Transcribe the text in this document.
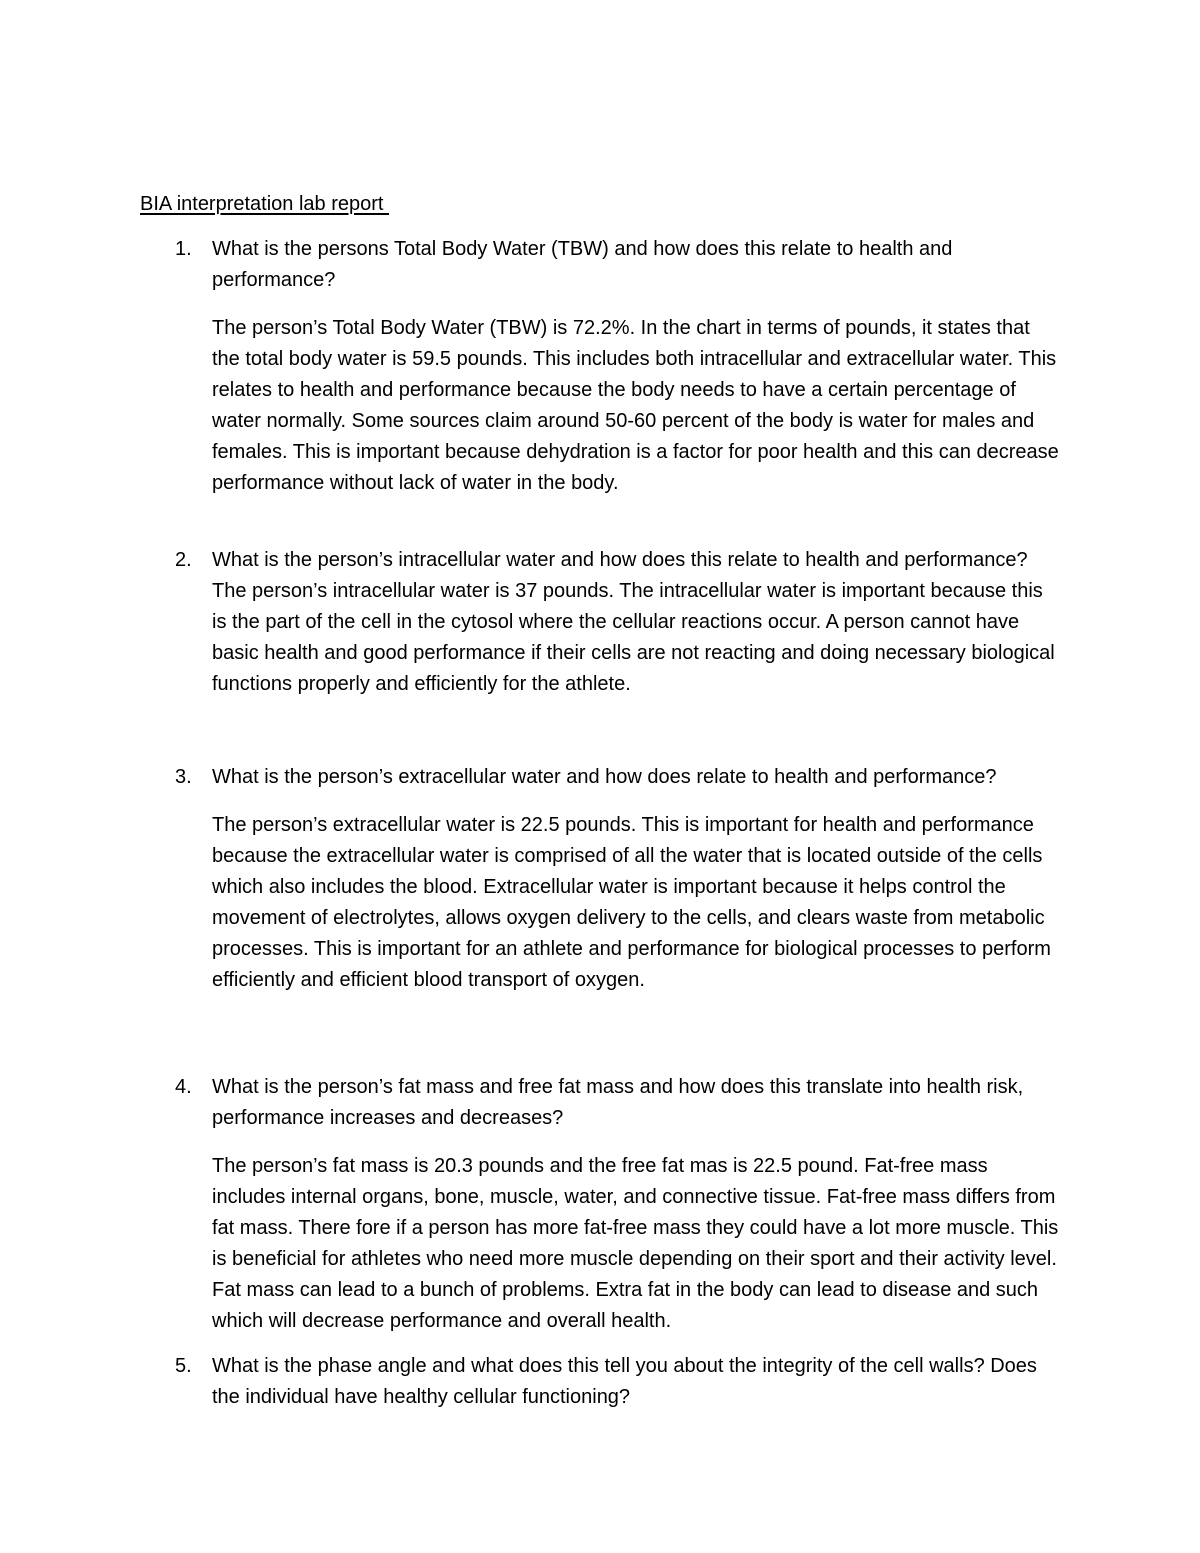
BIA interpretation lab report
1. What is the persons Total Body Water (TBW) and how does this relate to health and performance?

The person’s Total Body Water (TBW) is 72.2%. In the chart in terms of pounds, it states that the total body water is 59.5 pounds. This includes both intracellular and extracellular water. This relates to health and performance because the body needs to have a certain percentage of water normally. Some sources claim around 50-60 percent of the body is water for males and females. This is important because dehydration is a factor for poor health and this can decrease performance without lack of water in the body.

2. What is the person’s intracellular water and how does this relate to health and performance?

The person’s intracellular water is 37 pounds. The intracellular water is important because this is the part of the cell in the cytosol where the cellular reactions occur. A person cannot have basic health and good performance if their cells are not reacting and doing necessary biological functions properly and efficiently for the athlete.

3. What is the person’s extracellular water and how does relate to health and performance?

The person’s extracellular water is 22.5 pounds. This is important for health and performance because the extracellular water is comprised of all the water that is located outside of the cells which also includes the blood. Extracellular water is important because it helps control the movement of electrolytes, allows oxygen delivery to the cells, and clears waste from metabolic processes. This is important for an athlete and performance for biological processes to perform efficiently and efficient blood transport of oxygen.

4. What is the person’s fat mass and free fat mass and how does this translate into health risk, performance increases and decreases?

The person’s fat mass is 20.3 pounds and the free fat mas is 22.5 pound. Fat-free mass includes internal organs, bone, muscle, water, and connective tissue. Fat-free mass differs from fat mass. There fore if a person has more fat-free mass they could have a lot more muscle. This is beneficial for athletes who need more muscle depending on their sport and their activity level. Fat mass can lead to a bunch of problems. Extra fat in the body can lead to disease and such which will decrease performance and overall health.

5. What is the phase angle and what does this tell you about the integrity of the cell walls? Does the individual have healthy cellular functioning?
